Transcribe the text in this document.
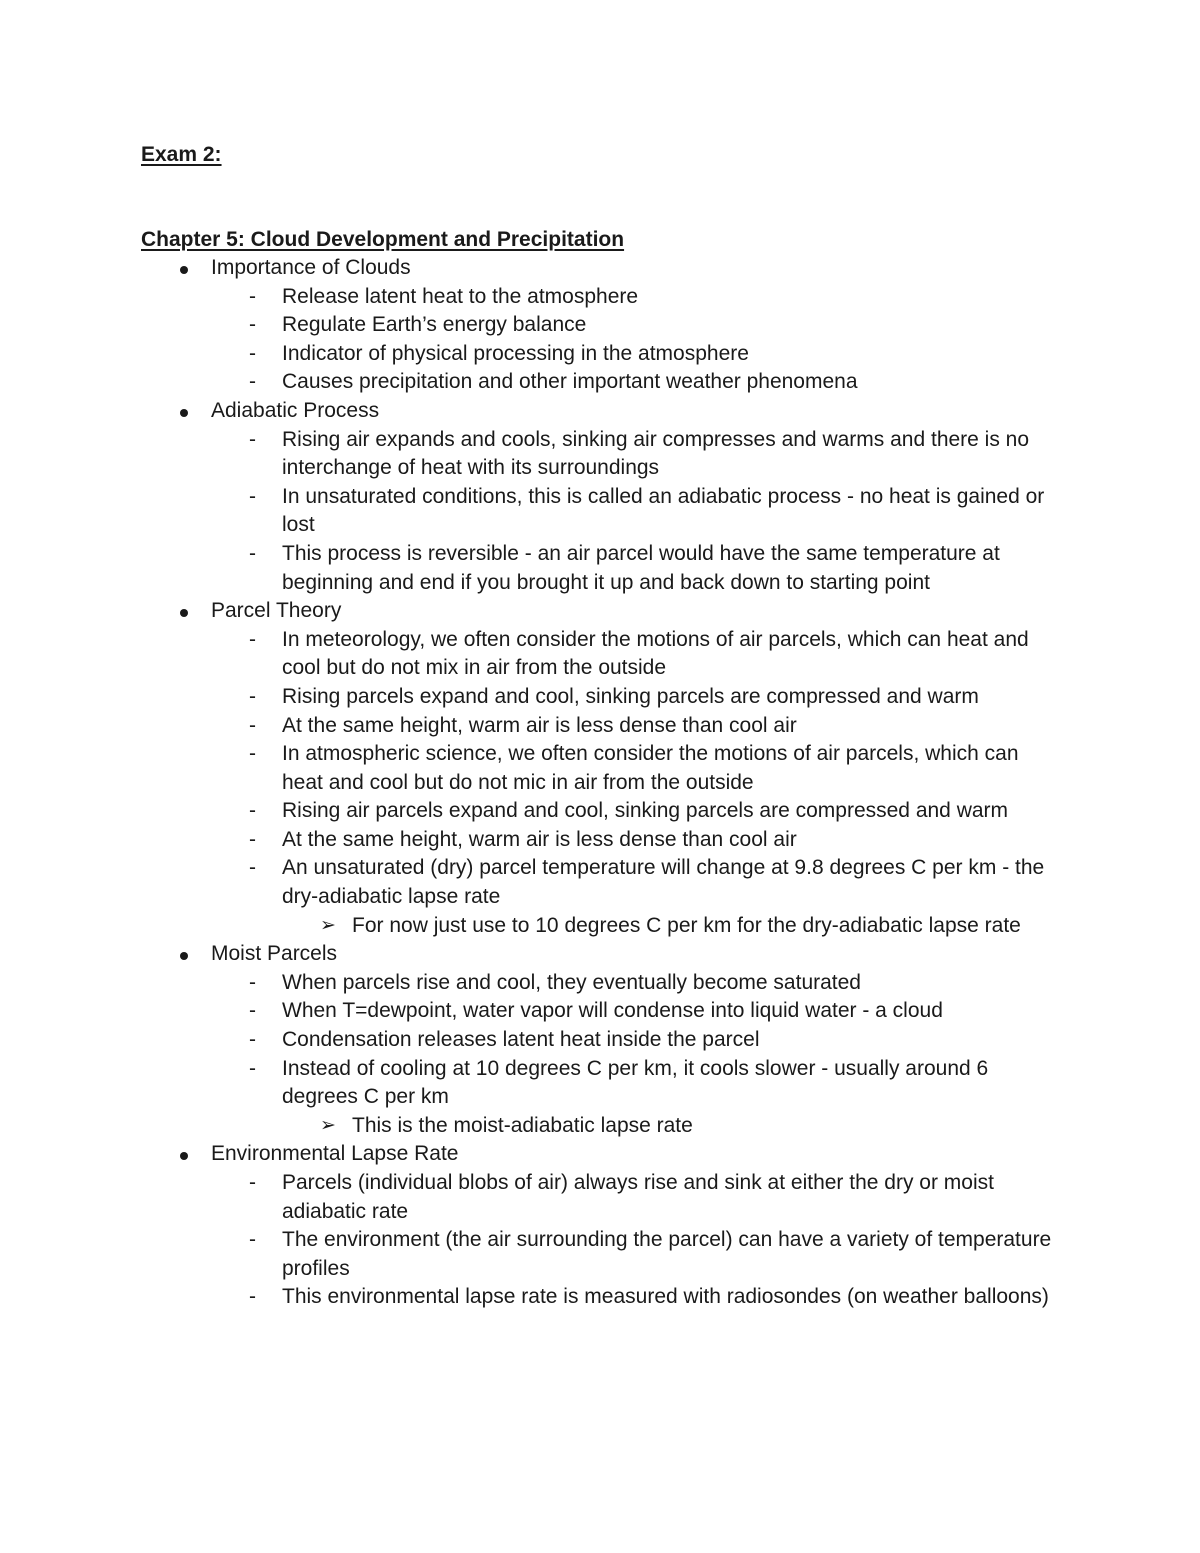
Exam 2:
Chapter 5: Cloud Development and Precipitation
Importance of Clouds
- Release latent heat to the atmosphere
- Regulate Earth’s energy balance
- Indicator of physical processing in the atmosphere
- Causes precipitation and other important weather phenomena
Adiabatic Process
- Rising air expands and cools, sinking air compresses and warms and there is no interchange of heat with its surroundings
- In unsaturated conditions, this is called an adiabatic process - no heat is gained or lost
- This process is reversible - an air parcel would have the same temperature at beginning and end if you brought it up and back down to starting point
Parcel Theory
- In meteorology, we often consider the motions of air parcels, which can heat and cool but do not mix in air from the outside
- Rising parcels expand and cool, sinking parcels are compressed and warm
- At the same height, warm air is less dense than cool air
- In atmospheric science, we often consider the motions of air parcels, which can heat and cool but do not mic in air from the outside
- Rising air parcels expand and cool, sinking parcels are compressed and warm
- At the same height, warm air is less dense than cool air
- An unsaturated (dry) parcel temperature will change at 9.8 degrees C per km - the dry-adiabatic lapse rate
➢ For now just use to 10 degrees C per km for the dry-adiabatic lapse rate
Moist Parcels
- When parcels rise and cool, they eventually become saturated
- When T=dewpoint, water vapor will condense into liquid water - a cloud
- Condensation releases latent heat inside the parcel
- Instead of cooling at 10 degrees C per km, it cools slower - usually around 6 degrees C per km
➢ This is the moist-adiabatic lapse rate
Environmental Lapse Rate
- Parcels (individual blobs of air) always rise and sink at either the dry or moist adiabatic rate
- The environment (the air surrounding the parcel) can have a variety of temperature profiles
- This environmental lapse rate is measured with radiosondes (on weather balloons)
